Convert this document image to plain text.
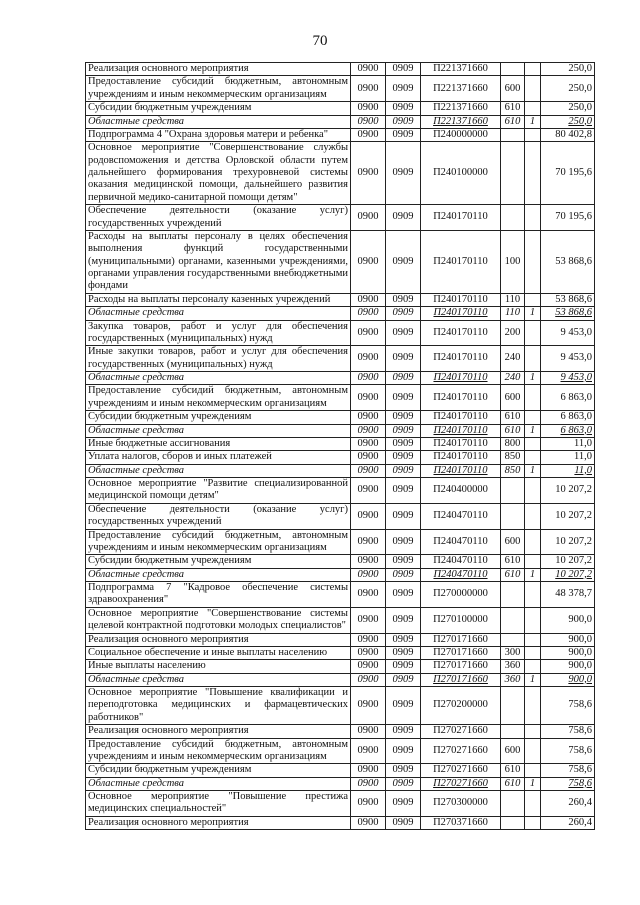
70
Реализация основного мероприятия	0900	0909	П221371660			250,0
Предоставление субсидий бюджетным, автономным учреждениям и иным некоммерческим организациям	0900	0909	П221371660	600		250,0
Субсидии бюджетным учреждениям	0900	0909	П221371660	610		250,0
Областные средства	0900	0909	П221371660	610	1	250,0
Подпрограмма 4 "Охрана здоровья матери и ребенка"	0900	0909	П240000000			80 402,8
Основное мероприятие "Совершенствование службы родовспоможения и детства Орловской области путем дальнейшего формирования трехуровневой системы оказания медицинской помощи, дальнейшего развития первичной медико-санитарной помощи детям"	0900	0909	П240100000			70 195,6
Обеспечение деятельности (оказание услуг) государственных учреждений	0900	0909	П240170110			70 195,6
Расходы на выплаты персоналу в целях обеспечения выполнения функций государственными (муниципальными) органами, казенными учреждениями, органами управления государственными внебюджетными фондами	0900	0909	П240170110	100		53 868,6
Расходы на выплаты персоналу казенных учреждений	0900	0909	П240170110	110		53 868,6
Областные средства	0900	0909	П240170110	110	1	53 868,6
Закупка товаров, работ и услуг для обеспечения государственных (муниципальных) нужд	0900	0909	П240170110	200		9 453,0
Иные закупки товаров, работ и услуг для обеспечения государственных (муниципальных) нужд	0900	0909	П240170110	240		9 453,0
Областные средства	0900	0909	П240170110	240	1	9 453,0
Предоставление субсидий бюджетным, автономным учреждениям и иным некоммерческим организациям	0900	0909	П240170110	600		6 863,0
Субсидии бюджетным учреждениям	0900	0909	П240170110	610		6 863,0
Областные средства	0900	0909	П240170110	610	1	6 863,0
Иные бюджетные ассигнования	0900	0909	П240170110	800		11,0
Уплата налогов, сборов и иных платежей	0900	0909	П240170110	850		11,0
Областные средства	0900	0909	П240170110	850	1	11,0
Основное мероприятие "Развитие специализированной медицинской помощи детям"	0900	0909	П240400000			10 207,2
Обеспечение деятельности (оказание услуг) государственных учреждений	0900	0909	П240470110			10 207,2
Предоставление субсидий бюджетным, автономным учреждениям и иным некоммерческим организациям	0900	0909	П240470110	600		10 207,2
Субсидии бюджетным учреждениям	0900	0909	П240470110	610		10 207,2
Областные средства	0900	0909	П240470110	610	1	10 207,2
Подпрограмма 7 "Кадровое обеспечение системы здравоохранения"	0900	0909	П270000000			48 378,7
Основное мероприятие "Совершенствование системы целевой контрактной подготовки молодых специалистов"	0900	0909	П270100000			900,0
Реализация основного мероприятия	0900	0909	П270171660			900,0
Социальное обеспечение и иные выплаты населению	0900	0909	П270171660	300		900,0
Иные выплаты населению	0900	0909	П270171660	360		900,0
Областные средства	0900	0909	П270171660	360	1	900,0
Основное мероприятие "Повышение квалификации и переподготовка медицинских и фармацевтических работников"	0900	0909	П270200000			758,6
Реализация основного мероприятия	0900	0909	П270271660			758,6
Предоставление субсидий бюджетным, автономным учреждениям и иным некоммерческим организациям	0900	0909	П270271660	600		758,6
Субсидии бюджетным учреждениям	0900	0909	П270271660	610		758,6
Областные средства	0900	0909	П270271660	610	1	758,6
Основное мероприятие "Повышение престижа медицинских специальностей"	0900	0909	П270300000			260,4
Реализация основного мероприятия	0900	0909	П270371660			260,4
